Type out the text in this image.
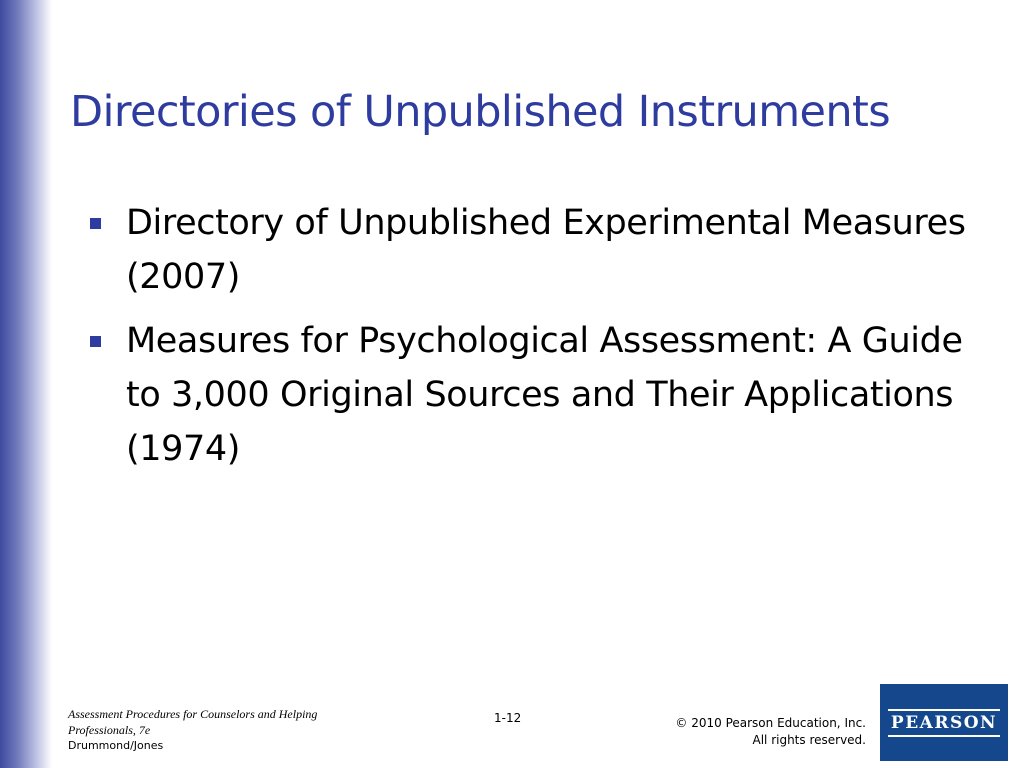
Directories of Unpublished Instruments
Directory of Unpublished Experimental Measures (2007)
Measures for Psychological Assessment: A Guide to 3,000 Original Sources and Their Applications (1974)
Assessment Procedures for Counselors and Helping
Professionals, 7e
Drummond/Jones
1-12	© 2010 Pearson Education, Inc.
All rights reserved.
PEARSON
